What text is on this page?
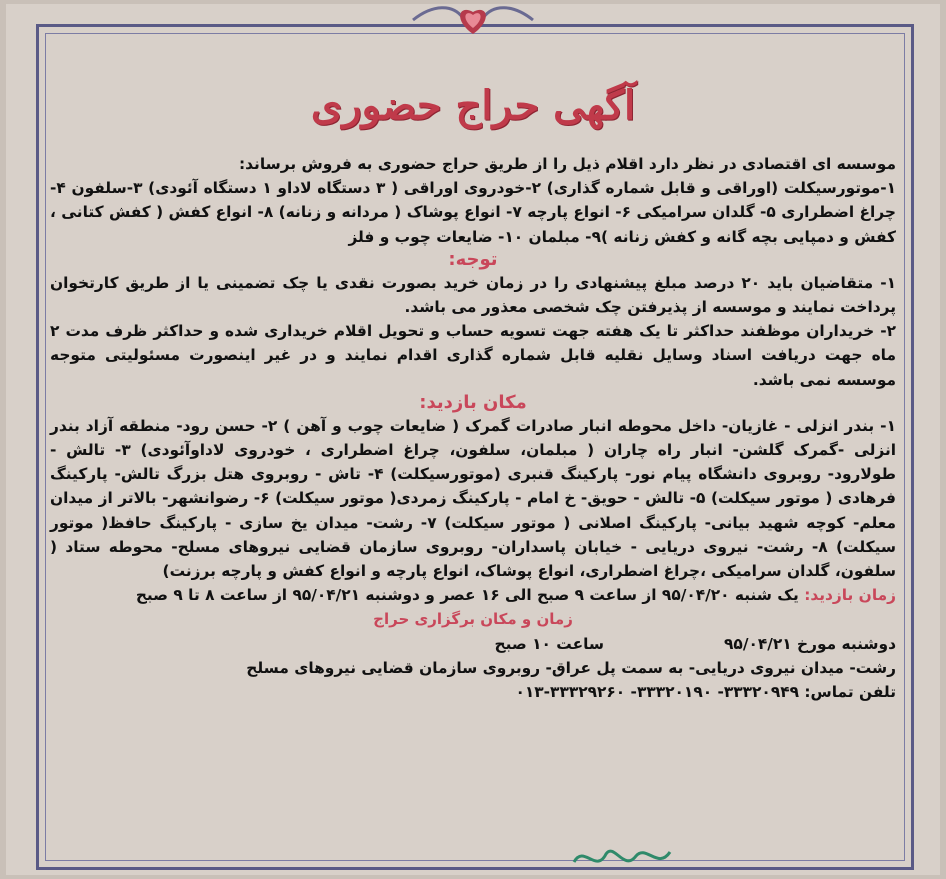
آگهی حراج حضوری

موسسه ای اقتصادی در نظر دارد اقلام ذیل را از طریق حراج حضوری به فروش برساند:

۱-موتورسیکلت (اوراقی و قابل شماره گذاری) ۲-خودروی اوراقی ( ۳ دستگاه لاداو ۱ دستگاه آئودی) ۳-سلفون ۴- چراغ اضطراری ۵- گلدان سرامیکی ۶- انواع پارچه ۷- انواع پوشاک ( مردانه و زنانه) ۸- انواع کفش ( کفش کتانی ، کفش و دمپایی بچه گانه و کفش زنانه )۹- مبلمان ۱۰- ضایعات چوب و فلز

توجه:

۱- متقاضیان باید ۲۰ درصد مبلغ پیشنهادی را در زمان خرید بصورت نقدی یا چک تضمینی یا از طریق کارتخوان پرداخت نمایند و موسسه از پذیرفتن چک شخصی معذور می باشد.

۲- خریداران موظفند حداکثر تا یک هفته جهت تسویه حساب و تحویل اقلام خریداری شده و حداکثر ظرف مدت ۲ ماه جهت دریافت اسناد وسایل نقلیه قابل شماره گذاری اقدام نمایند و در غیر اینصورت مسئولیتی متوجه موسسه نمی باشد.

مکان بازدید:

۱- بندر انزلی - غازیان- داخل محوطه انبار صادرات گمرک ( ضایعات چوب و آهن ) ۲- حسن رود- منطقه آزاد بندر انزلی -گمرک گلشن- انبار راه چاران ( مبلمان، سلفون، چراغ اضطراری ، خودروی لاداوآئودی) ۳- تالش - طولارود- روبروی دانشگاه پیام نور- پارکینگ قنبری (موتورسیکلت) ۴- تاش - روبروی هتل بزرگ تالش- پارکینگ فرهادی ( موتور سیکلت) ۵- تالش - حویق- خ امام - پارکینگ زمردی( موتور سیکلت) ۶- رضوانشهر- بالاتر از میدان معلم- کوچه شهید بیانی- پارکینگ اصلانی ( موتور سیکلت) ۷- رشت- میدان یخ سازی - پارکینگ حافظ( موتور سیکلت) ۸- رشت- نیروی دریایی - خیابان پاسداران- روبروی سازمان قضایی نیروهای مسلح- محوطه ستاد ( سلفون، گلدان سرامیکی ،چراغ اضطراری، انواع پوشاک، انواع پارچه و انواع کفش و پارچه برزنت)

زمان بازدید: یک شنبه ۹۵/۰۴/۲۰ از ساعت ۹ صبح الی ۱۶ عصر و دوشنبه ۹۵/۰۴/۲۱ از ساعت ۸ تا ۹ صبح

زمان و مکان برگزاری حراج

دوشنبه مورخ ۹۵/۰۴/۲۱ساعت ۱۰ صبح

رشت- میدان نیروی دریایی- به سمت پل عراق- روبروی سازمان قضایی نیروهای مسلح

تلفن تماس: ۳۳۳۲۰۹۴۹- ۳۳۳۲۰۱۹۰- ۳۳۳۲۹۲۶۰-۰۱۳
